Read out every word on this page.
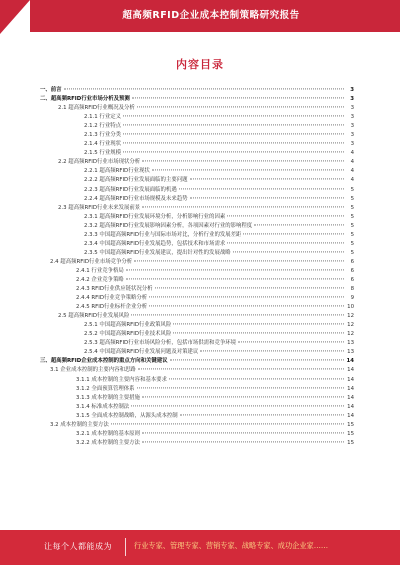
超高频RFID企业成本控制策略研究报告
内容目录
一、前言	3
二、超高频RFID行业市场分析及预测	3
2.1 超高频RFID行业概况及分析	3
2.1.1 行业定义	3
2.1.2 行业特点	3
2.1.3 行业分类	3
2.1.4 行业现状	3
2.1.5 行业规模	4
2.2 超高频RFID行业市场现状分析	4
2.2.1 超高频RFID行业现状	4
2.2.2 超高频RFID行业发展面临的主要问题	4
2.2.3 超高频RFID行业发展面临的机遇	5
2.2.4 超高频RFID行业市场规模及未来趋势	5
2.3 超高频RFID行业未来发展前景	5
2.3.1 超高频RFID行业发展环境分析，分析影响行业的因素	5
2.3.2 超高频RFID行业发展影响因素分析，各项因素对行业的影响程度	5
2.3.3 中国超高频RFID行业与国际市场对比，分析行业的发展差距	5
2.3.4 中国超高频RFID行业发展趋势，包括技术和市场需求	5
2.3.5 中国超高频RFID行业发展建议，提出针对性的发展战略	5
2.4 超高频RFID行业市场竞争分析	6
2.4.1 行业竞争格局	6
2.4.2 企业竞争策略	6
2.4.3 RFID行业供应链状况分析	8
2.4.4 RFID行业竞争策略分析	9
2.4.5 RFID行业标杆企业分析	10
2.5 超高频RFID行业发展风险	12
2.5.1 中国超高频RFID行业政策风险	12
2.5.2 中国超高频RFID行业技术风险	12
2.5.3 超高频RFID行业市场风险分析，包括市场供需和竞争环境	13
2.5.4 中国超高频RFID行业发展问题及对策建议	13
三、超高频RFID企业成本控制的重点方向和关键建议	14
3.1 企业成本控制的主要内容和思路	14
3.1.1 成本控制的主要内容和基本要求	14
3.1.2 全面预算管理体系	14
3.1.3 成本控制的主要措施	14
3.1.4 标准成本控制法	14
3.1.5 全面成本控制战略，从源头成本控制	14
3.2 成本控制的主要方法	15
3.2.1 成本控制的基本原则	15
3.2.2 成本控制的主要方法	15
让每个人都能成为	行业专家、管理专家、营销专家、战略专家、成功企业家……
